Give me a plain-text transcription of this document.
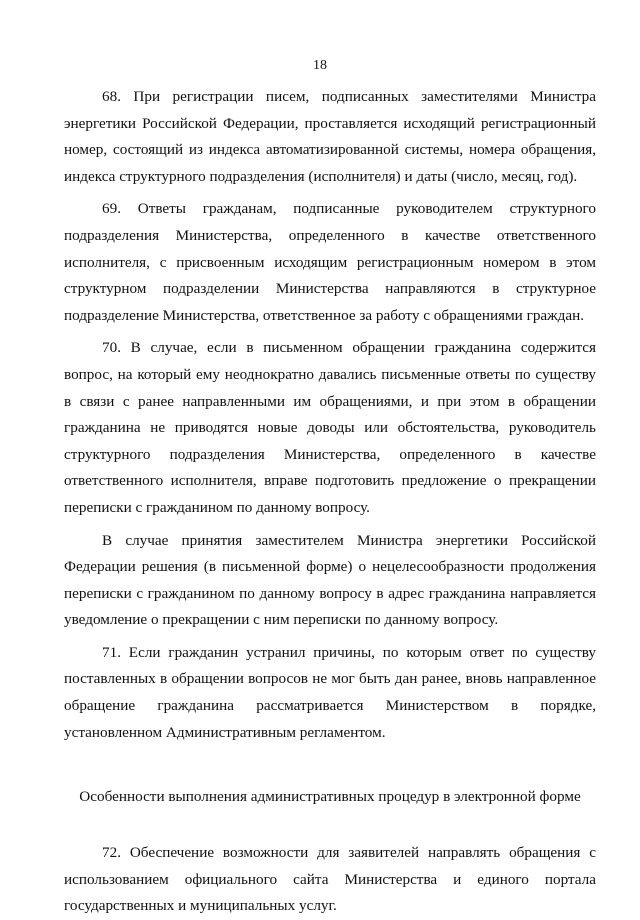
18

68. При регистрации писем, подписанных заместителями Министра энергетики Российской Федерации, проставляется исходящий регистрационный номер, состоящий из индекса автоматизированной системы, номера обращения, индекса структурного подразделения (исполнителя) и даты (число, месяц, год).

69. Ответы гражданам, подписанные руководителем структурного подразделения Министерства, определенного в качестве ответственного исполнителя, с присвоенным исходящим регистрационным номером в этом структурном подразделении Министерства направляются в структурное подразделение Министерства, ответственное за работу с обращениями граждан.

70. В случае, если в письменном обращении гражданина содержится вопрос, на который ему неоднократно давались письменные ответы по существу в связи с ранее направленными им обращениями, и при этом в обращении гражданина не приводятся новые доводы или обстоятельства, руководитель структурного подразделения Министерства, определенного в качестве ответственного исполнителя, вправе подготовить предложение о прекращении переписки с гражданином по данному вопросу.

В случае принятия заместителем Министра энергетики Российской Федерации решения (в письменной форме) о нецелесообразности продолжения переписки с гражданином по данному вопросу в адрес гражданина направляется уведомление о прекращении с ним переписки по данному вопросу.

71. Если гражданин устранил причины, по которым ответ по существу поставленных в обращении вопросов не мог быть дан ранее, вновь направленное обращение гражданина рассматривается Министерством в порядке, установленном Административным регламентом.

Особенности выполнения административных процедур в электронной форме

72. Обеспечение возможности для заявителей направлять обращения с использованием официального сайта Министерства и единого портала государственных и муниципальных услуг.
